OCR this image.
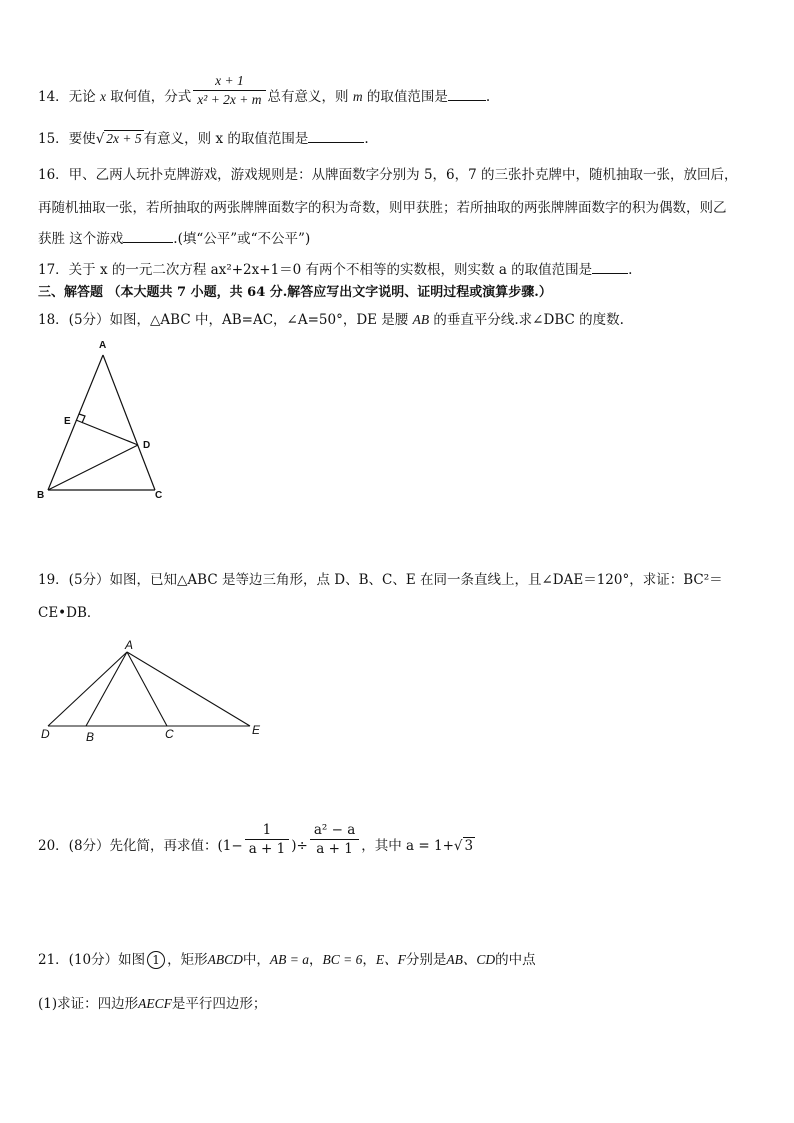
14．无论 x 取何值，分式 $\frac{x + 1}{\text{x² + 2x + m}}$ 总有意义，则 m 的取值范围是	.
15．要使√ 2x + 5 有意义，则 x 的取值范围是	.
16．甲、乙两人玩扑克牌游戏，游戏规则是：从牌面数字分别为 5，6，7 的三张扑克牌中，随机抽取一张，放回后，
再随机抽取一张，若所抽取的两张牌牌面数字的积为奇数，则甲获胜；若所抽取的两张牌牌面数字的积为偶数，则乙
获胜 这个游戏	.(填“公平”或“不公平”)
17．关于 x 的一元二次方程 ax²+2x+1＝0 有两个不相等的实数根，则实数 a 的取值范围是	.
三、解答题 （本大题共 7 小题，共 64 分.解答应写出文字说明、证明过程或演算步骤.）
18．(5分）如图，△ABC 中，AB=AC，∠A=50°，DE 是腰 AB 的垂直平分线.求∠DBC 的度数.
A
B	C
D
E
A
D	B	C	E
19．(5分）如图，已知△ABC 是等边三角形，点 D、B、C、E 在同一条直线上，且∠DAE＝120°，求证：BC²＝
CE•DB．
20．(8分）先化简，再求值：($1- \frac{1}{a + 1}$ )÷ $\frac{\text{a² − a}}{a + 1}$ ，其中 a = 1+√ 3
21．(10分）如图 1 ，矩形ABCD中，AB = a，BC = 6，E、F分别是AB、CD的中点
(1)求证：四边形AECF是平行四边形；
